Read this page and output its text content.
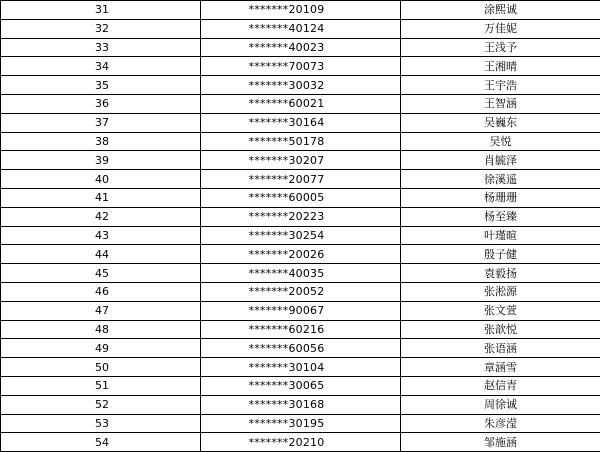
31	*******20109	涂熙诚
32	*******40124	万佳妮
33	*******40023	王浅予
34	*******70073	王湘晴
35	*******30032	王宇浩
36	*******60021	王智涵
37	*******30164	吴巍东
38	*******50178	吴悦
39	*******30207	肖毓泽
40	*******20077	徐溪遥
41	*******60005	杨珊珊
42	*******20223	杨至臻
43	*******30254	叶瑾暄
44	*******20026	殷子健
45	*******40035	袁毅扬
46	*******20052	张淞源
47	*******90067	张文萱
48	*******60216	张歆悦
49	*******60056	张语涵
50	*******30104	章涵雪
51	*******30065	赵信青
52	*******30168	周徐诚
53	*******30195	朱彦滢
54	*******20210	邹施涵
